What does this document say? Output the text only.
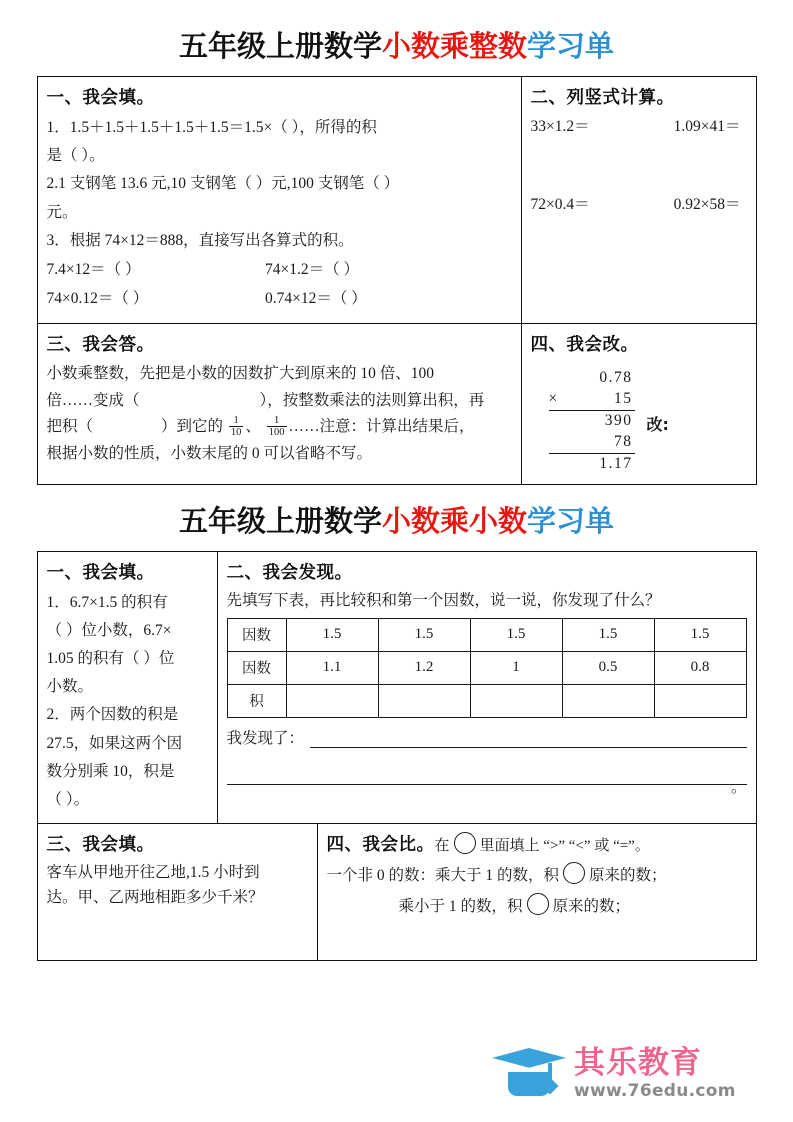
五年级上册数学小数乘整数学习单
一、我会填。
1．1.5＋1.5＋1.5＋1.5＋1.5＝1.5×（ ），所得的积
是（ ）。
2.1 支钢笔 13.6 元,10 支钢笔（ ）元,100 支钢笔（ ）
元。
3．根据 74×12＝888，直接写出各算式的积。
7.4×12＝（ ）	74×1.2＝（ ）
74×0.12＝（ ）	0.74×12＝（ ）

二、列竖式计算。
33×1.2＝	1.09×41＝
72×0.4＝	0.92×58＝

三、我会答。
小数乘整数，先把是小数的因数扩大到原来的 10 倍、100
倍……变成（	），按整数乘法的法则算出积，再
把积（	）到它的 $\frac{1}{10}$ 、 $\frac{1}{100}$ ……注意：计算出结果后，
根据小数的性质，小数末尾的 0 可以省略不写。

四、我会改。
0.78
×	15
390
78
1.17
改:
五年级上册数学小数乘小数学习单
一、我会填。
1．6.7×1.5 的积有
（ ）位小数，6.7×
1.05 的积有（ ）位
小数。
2．两个因数的积是
27.5，如果这两个因
数分别乘 10，积是
（ ）。

二、我会发现。
先填写下表，再比较积和第一个因数，说一说，你发现了什么？
因数	1.5	1.5	1.5	1.5	1.5
因数	1.1	1.2	1	0.5	0.8
积					
我发现了：
。

三、我会填。
客车从甲地开往乙地,1.5 小时到
达。甲、乙两地相距多少千米？

四、我会比。在 里面填上 “>” “<” 或 “=”。
一个非 0 的数：乘大于 1 的数，积 原来的数；
乘小于 1 的数，积 原来的数；
其乐教育
www.76edu.com
